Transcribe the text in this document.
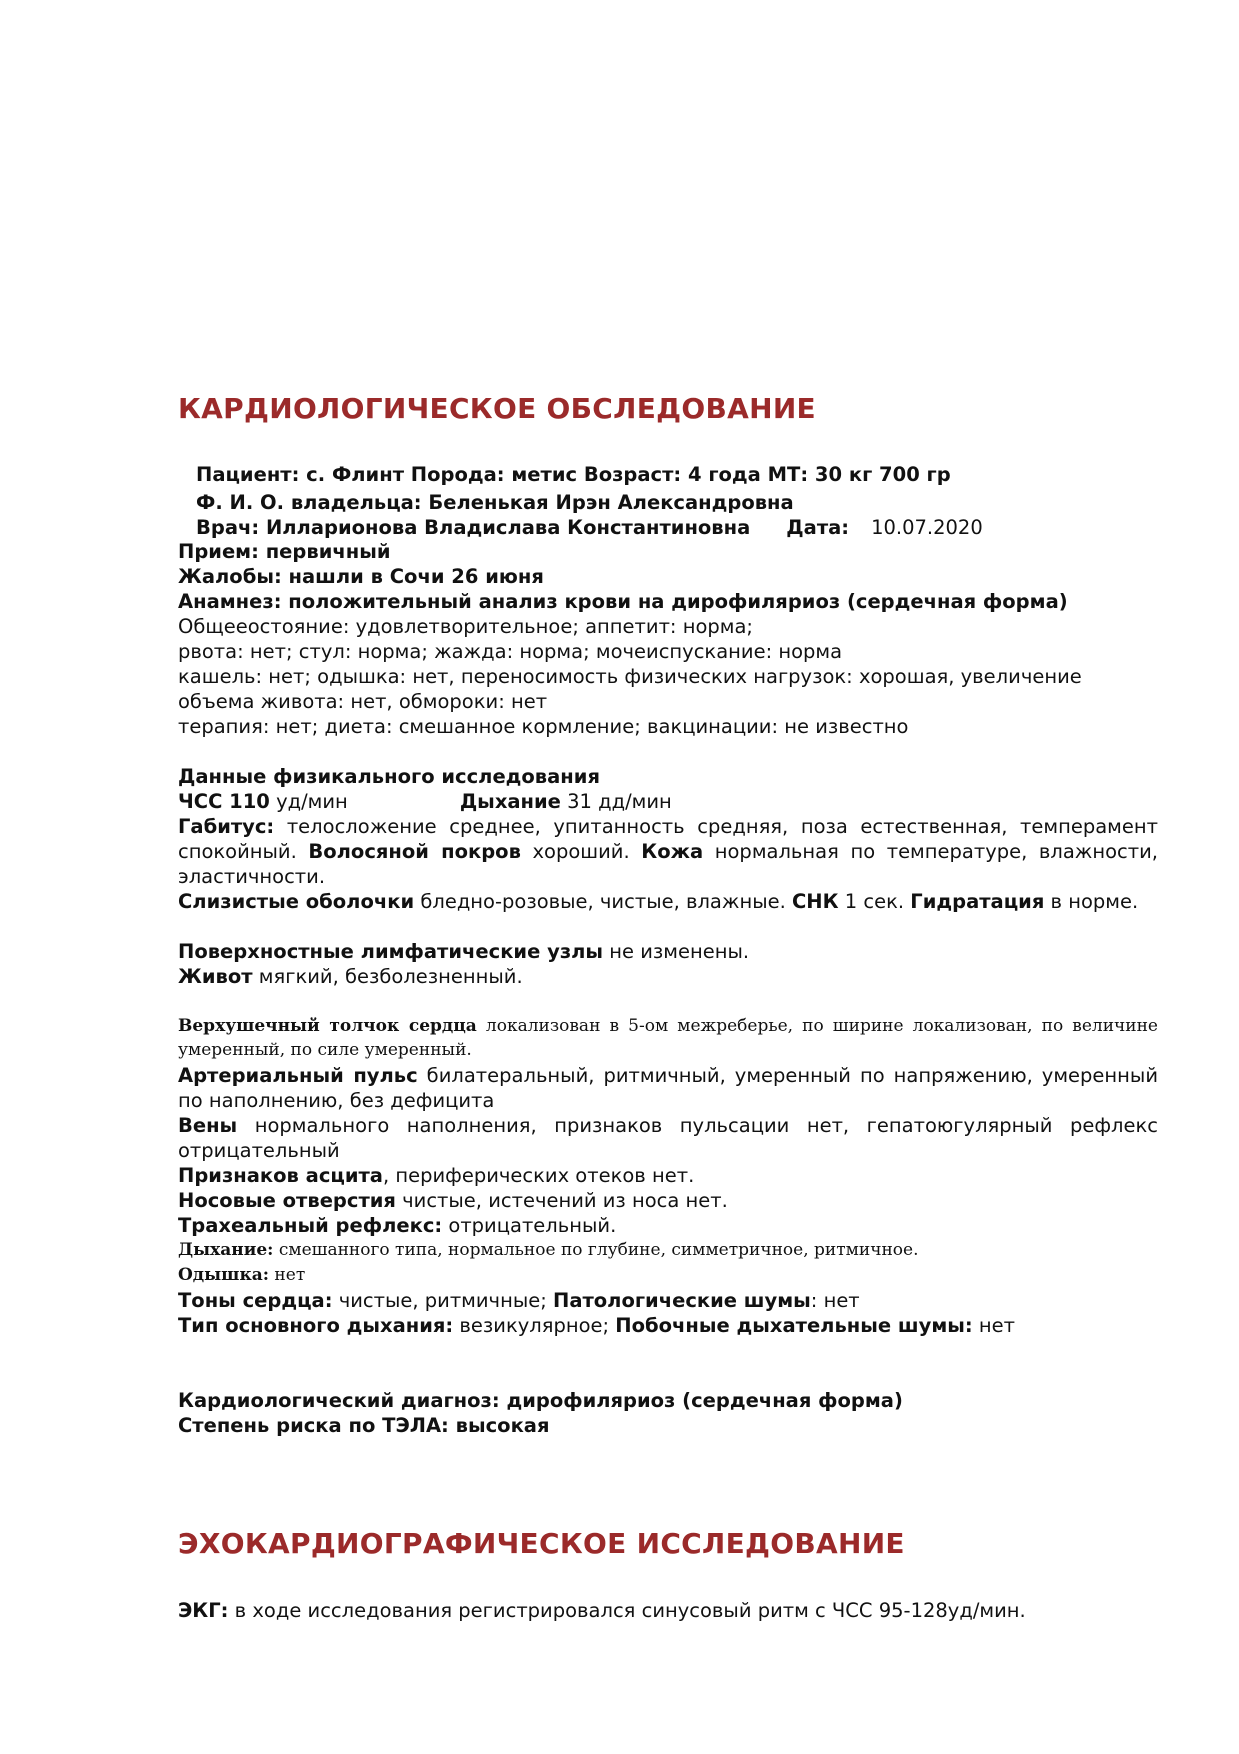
КАРДИОЛОГИЧЕСКОЕ ОБСЛЕДОВАНИЕ
Пациент: с. Флинт Порода: метис Возраст: 4 года МТ: 30 кг 700 гр
Ф. И. О. владельца: Беленькая Ирэн Александровна
Врач: Илларионова Владислава Константиновна Дата: 10.07.2020
Прием: первичный
Жалобы: нашли в Сочи 26 июня
Анамнез: положительный анализ крови на дирофиляриоз (сердечная форма)
Общееостояние: удовлетворительное; аппетит: норма;
рвота: нет; стул: норма; жажда: норма; мочеиспускание: норма
кашель: нет; одышка: нет, переносимость физических нагрузок: хорошая, увеличение
объема живота: нет, обмороки: нет
терапия: нет; диета: смешанное кормление; вакцинации: не известно
Данные физикального исследования
ЧСС 110 уд/мин	Дыхание 31 дд/мин
Габитус: телосложение среднее, упитанность средняя, поза естественная, темперамент спокойный. Волосяной покров хороший. Кожа нормальная по температуре, влажности, эластичности.
Слизистые оболочки бледно-розовые, чистые, влажные. СНК 1 сек. Гидратация в норме.
Поверхностные лимфатические узлы не изменены.
Живот мягкий, безболезненный.
Верхушечный толчок сердца локализован в 5-ом межреберье, по ширине локализован, по величине умеренный, по силе умеренный.
Артериальный пульс билатеральный, ритмичный, умеренный по напряжению, умеренный по наполнению, без дефицита
Вены нормального наполнения, признаков пульсации нет, гепатоюгулярный рефлекс отрицательный
Признаков асцита, периферических отеков нет.
Носовые отверстия чистые, истечений из носа нет.
Трахеальный рефлекс: отрицательный.
Дыхание: смешанного типа, нормальное по глубине, симметричное, ритмичное.
Одышка: нет
Тоны сердца: чистые, ритмичные; Патологические шумы: нет
Тип основного дыхания: везикулярное; Побочные дыхательные шумы: нет
Кардиологический диагноз: дирофиляриоз (сердечная форма)
Степень риска по ТЭЛА: высокая
ЭХОКАРДИОГРАФИЧЕСКОЕ ИССЛЕДОВАНИЕ
ЭКГ: в ходе исследования регистрировался синусовый ритм с ЧСС 95-128уд/мин.
